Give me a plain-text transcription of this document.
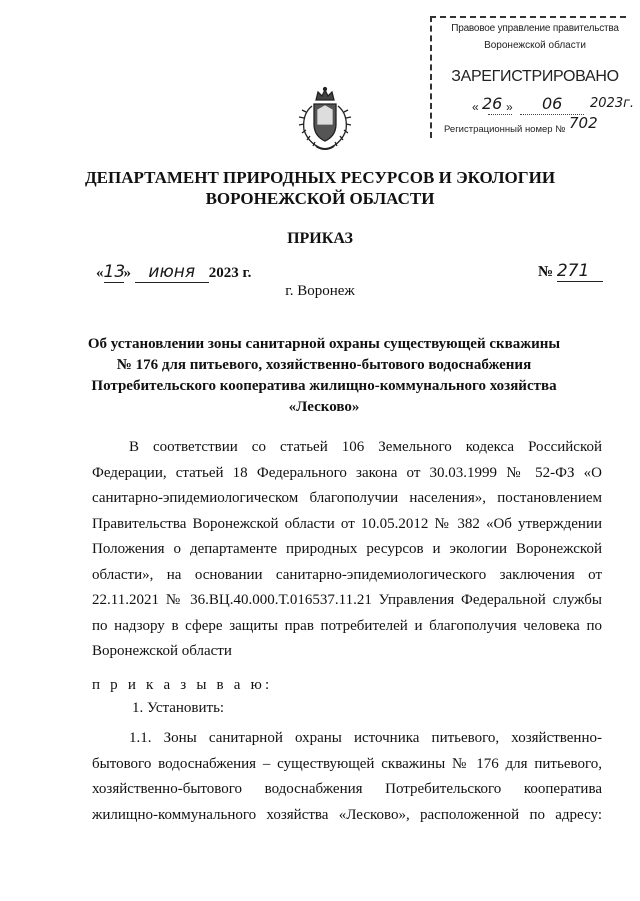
Правовое управление правительства
Воронежской области
ЗАРЕГИСТРИРОВАНО
« 26 » 06 2023г.
Регистрационный номер № 702
ДЕПАРТАМЕНТ ПРИРОДНЫХ РЕСУРСОВ И ЭКОЛОГИИ
ВОРОНЕЖСКОЙ ОБЛАСТИ
ПРИКАЗ
«13» июня 2023 г.	№ 271
г. Воронеж
Об установлении зоны санитарной охраны существующей скважины
№ 176 для питьевого, хозяйственно-бытового водоснабжения
Потребительского кооператива жилищно-коммунального хозяйства
«Лесково»
В соответствии со статьей 106 Земельного кодекса Российской
Федерации, статьей 18 Федерального закона от 30.03.1999 № 52-ФЗ «О
санитарно-эпидемиологическом благополучии населения», постановлением
Правительства Воронежской области от 10.05.2012 № 382 «Об утверждении
Положения о департаменте природных ресурсов и экологии Воронежской
области», на основании санитарно-эпидемиологического заключения от
22.11.2021 № 36.ВЦ.40.000.Т.016537.11.21 Управления Федеральной службы
по надзору в сфере защиты прав потребителей и благополучия человека по
Воронежской области
п р и к а з ы в а ю:
1. Установить:
1.1. Зоны санитарной охраны источника питьевого, хозяйственно-
бытового водоснабжения – существующей скважины № 176 для питьевого,
хозяйственно-бытового водоснабжения Потребительского кооператива
жилищно-коммунального хозяйства «Лесково», расположенной по адресу:
